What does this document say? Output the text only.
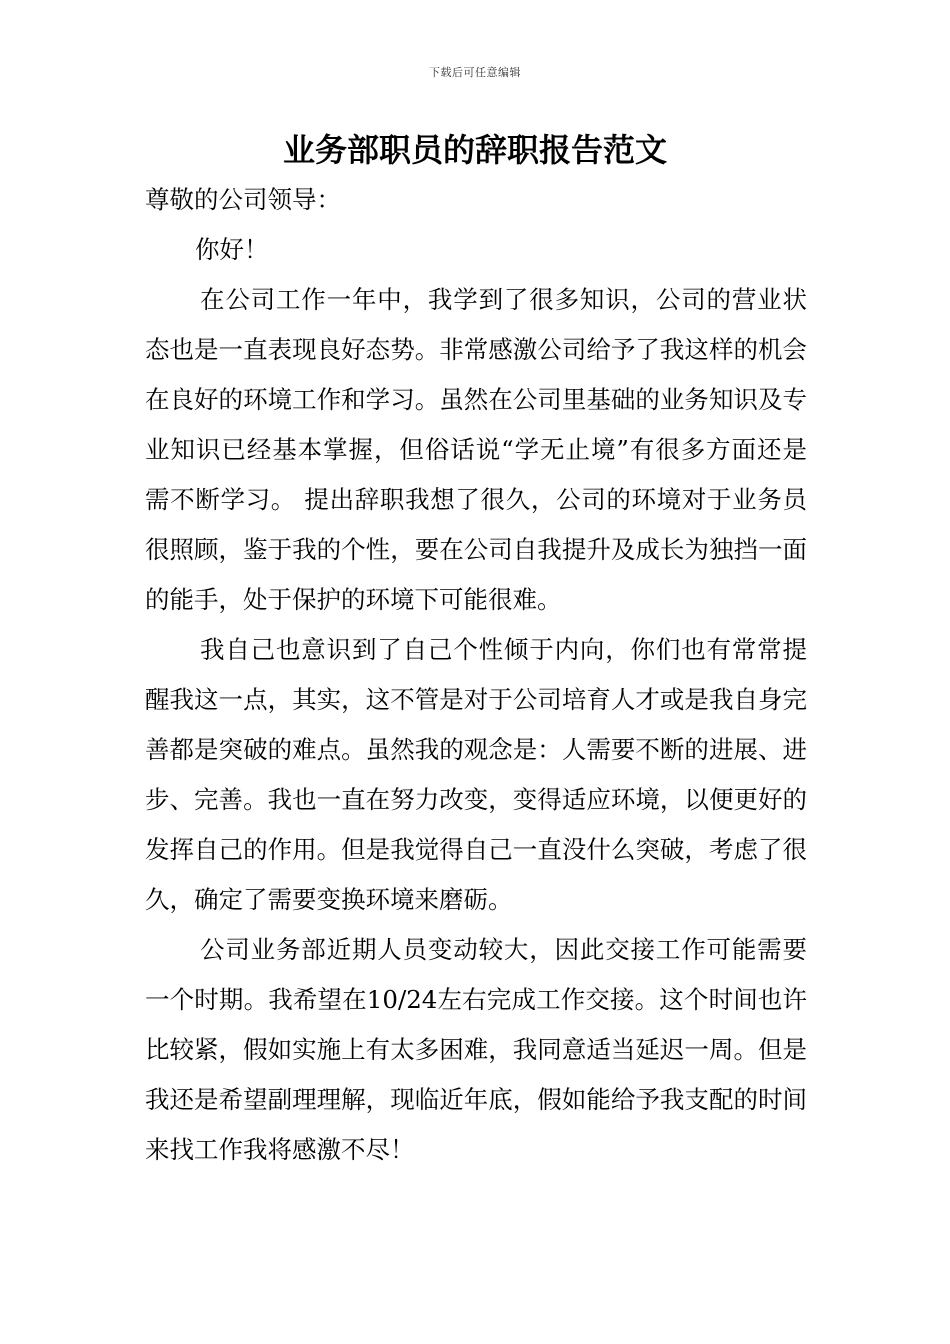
下载后可任意编辑
业务部职员的辞职报告范文

尊敬的公司领导：

你好！

在公司工作一年中，我学到了很多知识，公司的营业状态也是一直表现良好态势。非常感激公司给予了我这样的机会在良好的环境工作和学习。虽然在公司里基础的业务知识及专业知识已经基本掌握，但俗话说“学无止境”有很多方面还是需不断学习。 提出辞职我想了很久，公司的环境对于业务员很照顾，鉴于我的个性，要在公司自我提升及成长为独挡一面的能手，处于保护的环境下可能很难。

我自己也意识到了自己个性倾于内向，你们也有常常提醒我这一点，其实，这不管是对于公司培育人才或是我自身完善都是突破的难点。虽然我的观念是：人需要不断的进展、进步、完善。我也一直在努力改变，变得适应环境，以便更好的发挥自己的作用。但是我觉得自己一直没什么突破，考虑了很久，确定了需要变换环境来磨砺。

公司业务部近期人员变动较大，因此交接工作可能需要一个时期。我希望在10/24左右完成工作交接。这个时间也许比较紧，假如实施上有太多困难，我同意适当延迟一周。但是我还是希望副理理解，现临近年底，假如能给予我支配的时间来找工作我将感激不尽！
